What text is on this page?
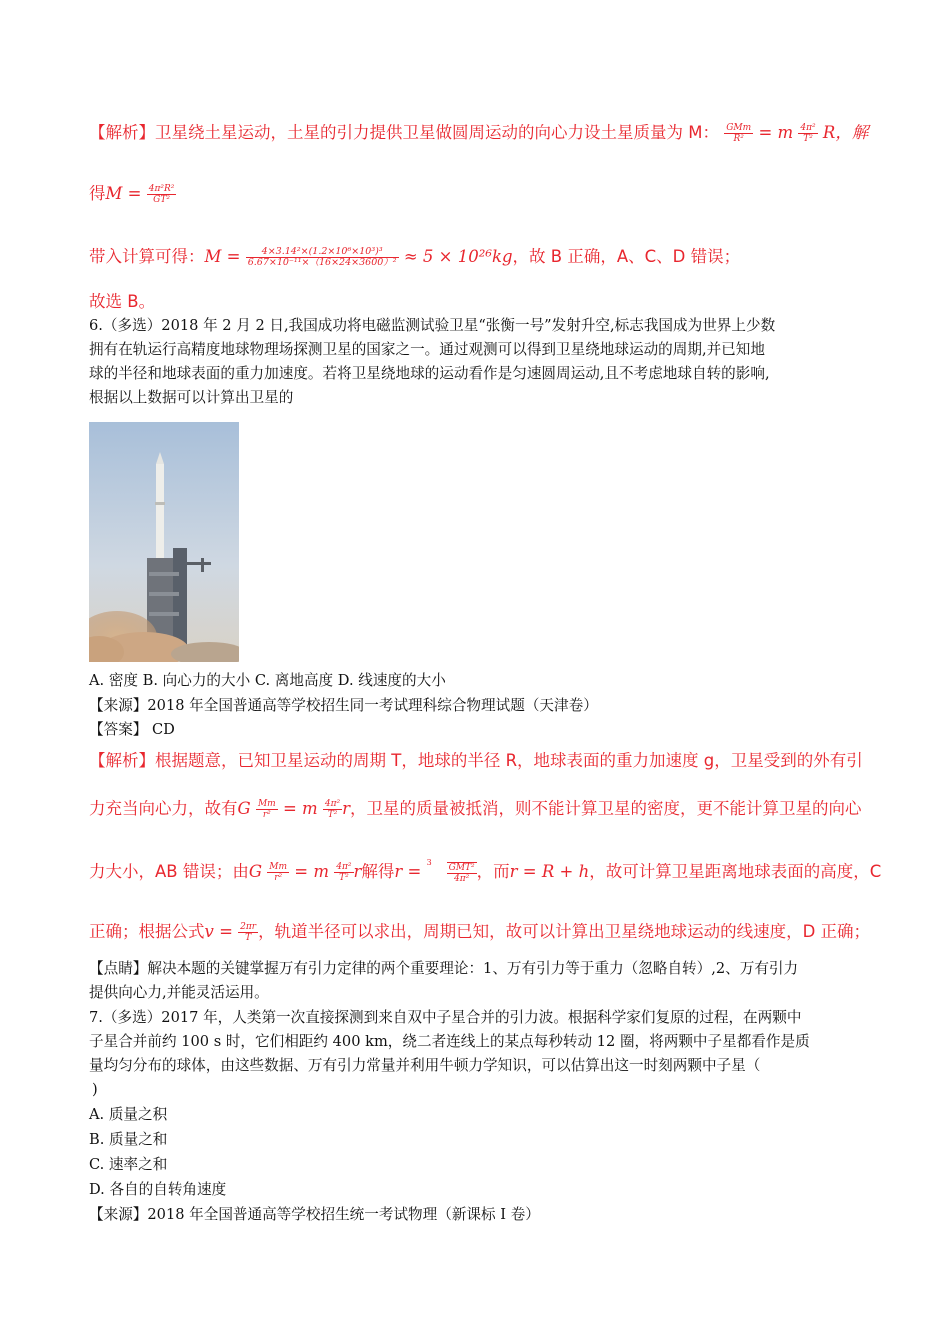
【解析】卫星绕土星运动，土星的引力提供卫星做圆周运动的向心力设土星质量为 M： $\frac{\text{GMm}}{\text{R²}} = m \frac{\text{4π²}}{\text{T²}}$ R，解
得$M = \frac{\text{4π²R²}}{\text{GT²}}$
带入计算可得：$M = \frac{\text{4×3.14²×(1.2×10⁶×10³)³}}{\text{6.67×10⁻¹¹×（16×24×3600）²}} \approx 5 \times 10^{26}kg$，故 B 正确，A、C、D 错误；
故选 B。
6.（多选）2018 年 2 月 2 日,我国成功将电磁监测试验卫星“张衡一号”发射升空,标志我国成为世界上少数
拥有在轨运行高精度地球物理场探测卫星的国家之一。通过观测可以得到卫星绕地球运动的周期,并已知地
球的半径和地球表面的重力加速度。若将卫星绕地球的运动看作是匀速圆周运动,且不考虑地球自转的影响,
根据以上数据可以计算出卫星的
A. 密度 B. 向心力的大小 C. 离地高度 D. 线速度的大小
【来源】2018 年全国普通高等学校招生同一考试理科综合物理试题（天津卷）
【答案】 CD
【解析】根据题意，已知卫星运动的周期 T，地球的半径 R，地球表面的重力加速度 g，卫星受到的外有引
力充当向心力，故有G $\frac{Mm}{\text{r²}} = m \frac{\text{4π²}}{\text{T²}}$ r，卫星的质量被抵消，则不能计算卫星的密度，更不能计算卫星的向心
力大小，AB 错误；由G $\frac{Mm}{\text{r²}} = m \frac{\text{4π²}}{\text{T²}}$ r解得r = 3
$\frac{\text{GMT²}}{\text{4π²}}$ ，而r = R + h，故可计算卫星距离地球表面的高度，C
正确；根据公式$v = \frac{2\pi r}{T}$ ，轨道半径可以求出，周期已知，故可以计算出卫星绕地球运动的线速度，D 正确；
【点睛】解决本题的关键掌握万有引力定律的两个重要理论：1、万有引力等于重力（忽略自转）,2、万有引力
提供向心力,并能灵活运用。
7.（多选）2017 年，人类第一次直接探测到来自双中子星合并的引力波。根据科学家们复原的过程，在两颗中
子星合并前约 100 s 时，它们相距约 400 km，绕二者连线上的某点每秒转动 12 圈，将两颗中子星都看作是质
量均匀分布的球体，由这些数据、万有引力常量并利用牛顿力学知识，可以估算出这一时刻两颗中子星（
)
A. 质量之积
B. 质量之和
C. 速率之和
D. 各自的自转角速度
【来源】2018 年全国普通高等学校招生统一考试物理（新课标 I 卷）
